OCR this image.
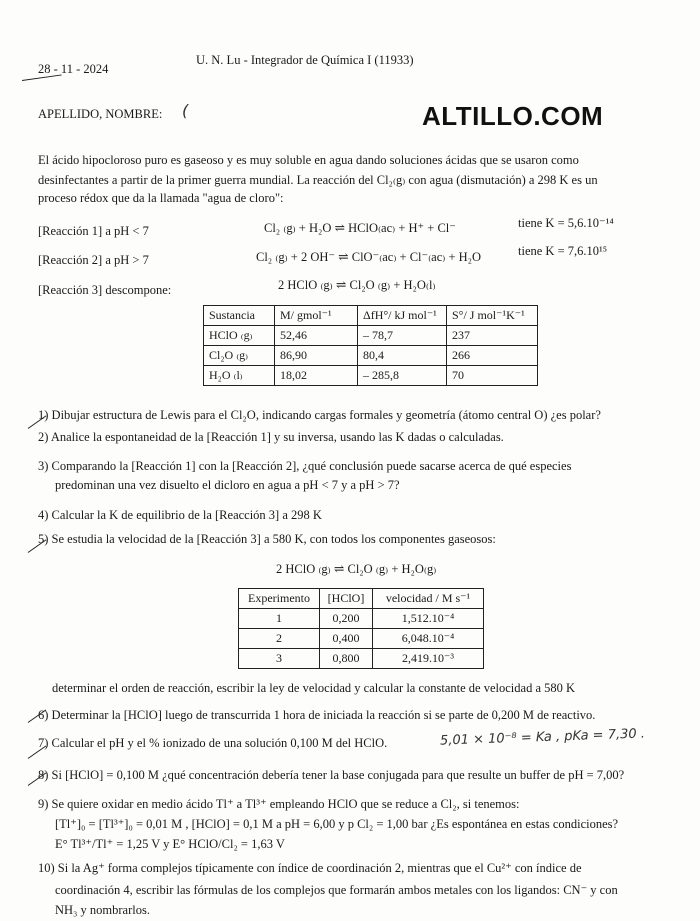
28 - 11 - 2024
U. N. Lu - Integrador de Química I (11933)
APELLIDO, NOMBRE: (	ALTILLO.COM
El ácido hipocloroso puro es gaseoso y es muy soluble en agua dando soluciones ácidas que se usaron como
desinfectantes a partir de la primer guerra mundial. La reacción del Cl₂₍g₎ con agua (dismutación) a 298 K es un
proceso rédox que da la llamada "agua de cloro":
[Reacción 1] a pH < 7	Cl₂ ₍g₎ + H₂O ⇌ HClO₍ac₎ + H⁺ + Cl⁻	tiene K = 5,6.10⁻¹⁴
[Reacción 2] a pH > 7	Cl₂ ₍g₎ + 2 OH⁻ ⇌ ClO⁻₍ac₎ + Cl⁻₍ac₎ + H₂O	tiene K = 7,6.10¹⁵
[Reacción 3] descompone:	2 HClO ₍g₎ ⇌ Cl₂O ₍g₎ + H₂O₍l₎
Sustancia	M/ gmol⁻¹	ΔfH°/ kJ mol⁻¹	S°/ J mol⁻¹K⁻¹
HClO ₍g₎	52,46	– 78,7	237
Cl₂O ₍g₎	86,90	80,4	266
H₂O ₍l₎	18,02	– 285,8	70
1) Dibujar estructura de Lewis para el Cl₂O, indicando cargas formales y geometría (átomo central O) ¿es polar?
2) Analice la espontaneidad de la [Reacción 1] y su inversa, usando las K dadas o calculadas.
3) Comparando la [Reacción 1] con la [Reacción 2], ¿qué conclusión puede sacarse acerca de qué especies
predominan una vez disuelto el dicloro en agua a pH < 7 y a pH > 7?
4) Calcular la K de equilibrio de la [Reacción 3] a 298 K
5) Se estudia la velocidad de la [Reacción 3] a 580 K, con todos los componentes gaseosos:
2 HClO ₍g₎ ⇌ Cl₂O ₍g₎ + H₂O₍g₎
Experimento	[HClO]	velocidad / M s⁻¹
1	0,200	1,512.10⁻⁴
2	0,400	6,048.10⁻⁴
3	0,800	2,419.10⁻³
determinar el orden de reacción, escribir la ley de velocidad y calcular la constante de velocidad a 580 K
6) Determinar la [HClO] luego de transcurrida 1 hora de iniciada la reacción si se parte de 0,200 M de reactivo.
7) Calcular el pH y el % ionizado de una solución 0,100 M del HClO.	5,01 × 10⁻⁸ = Ka , pKa = 7,30 .
8) Si [HClO] = 0,100 M ¿qué concentración debería tener la base conjugada para que resulte un buffer de pH = 7,00?
9) Se quiere oxidar en medio ácido Tl⁺ a Tl³⁺ empleando HClO que se reduce a Cl₂, si tenemos:
[Tl⁺]₀ = [Tl³⁺]₀ = 0,01 M , [HClO] = 0,1 M a pH = 6,00 y p Cl₂ = 1,00 bar ¿Es espontánea en estas condiciones?
E° Tl³⁺/Tl⁺ = 1,25 V y E° HClO/Cl₂ = 1,63 V
10) Si la Ag⁺ forma complejos típicamente con índice de coordinación 2, mientras que el Cu²⁺ con índice de
coordinación 4, escribir las fórmulas de los complejos que formarán ambos metales con los ligandos: CN⁻ y con
NH₃ y nombrarlos.
